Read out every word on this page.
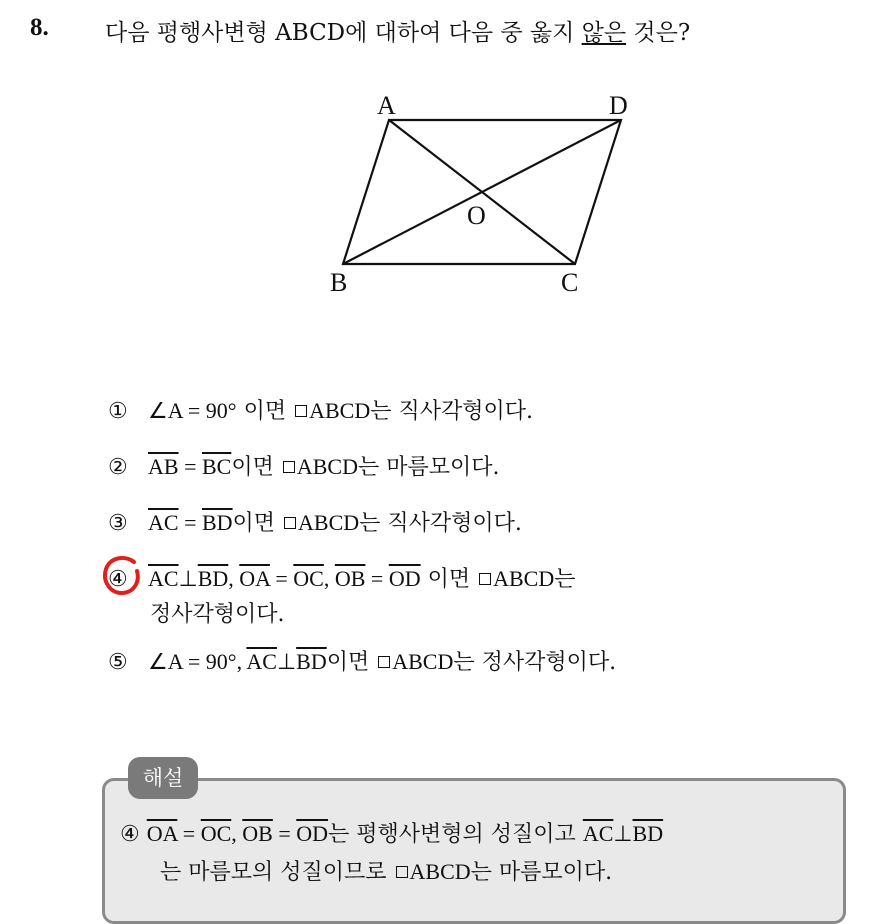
8. 다음 평행사변형 ABCD에 대하여 다음 중 옳지 않은 것은?
A	D
O
B	C
① ∠A = 90° 이면 ABCD는 직사각형이다.
② $\overline{AB} = \overline{BC}$이면 ABCD는 마름모이다.
③ $\overline{AC} = \overline{BD}$이면 ABCD는 직사각형이다.
④ $\overline{AC}\perp\overline{BD}$, $\overline{OA} = \overline{OC}$, $\overline{OB} = \overline{OD}$ 이면 ABCD는
정사각형이다.
⑤ ∠A = 90°, $\overline{AC}\perp\overline{BD}$이면 ABCD는 정사각형이다.
해설
④ $\overline{OA} = \overline{OC}$, $\overline{OB} = \overline{OD}$는 평행사변형의 성질이고 $\overline{AC}\perp\overline{BD}$
는 마름모의 성질이므로 ABCD는 마름모이다.
